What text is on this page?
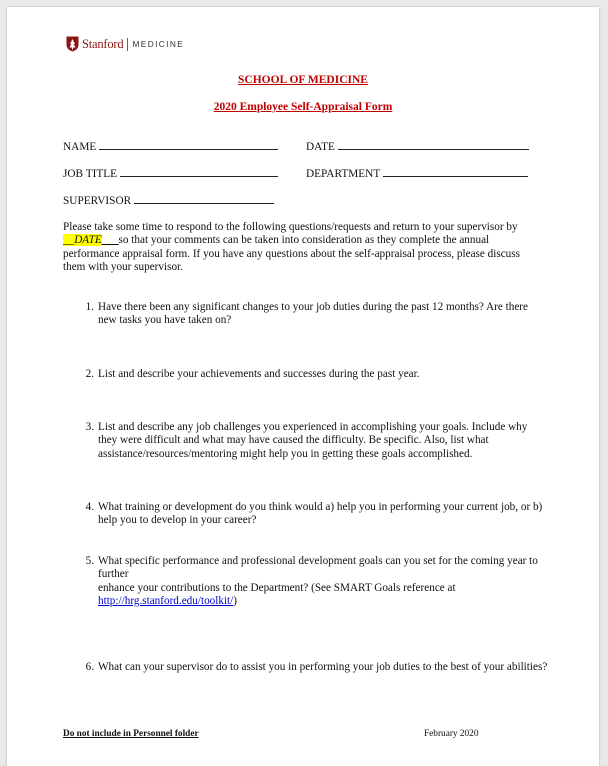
Stanford MEDICINE
SCHOOL OF MEDICINE
2020 Employee Self-Appraisal Form
NAME	DATE
JOB TITLE	DEPARTMENT
SUPERVISOR
Please take some time to respond to the following questions/requests and return to your supervisor by __DATE___so that your comments can be taken into consideration as they complete the annual performance appraisal form. If you have any questions about the self-appraisal process, please discuss them with your supervisor.
1. Have there been any significant changes to your job duties during the past 12 months? Are there new tasks you have taken on?
2. List and describe your achievements and successes during the past year.
3. List and describe any job challenges you experienced in accomplishing your goals. Include why they were difficult and what may have caused the difficulty. Be specific. Also, list what assistance/resources/mentoring might help you in getting these goals accomplished.
4. What training or development do you think would a) help you in performing your current job, or b) help you to develop in your career?
5. What specific performance and professional development goals can you set for the coming year to further
enhance your contributions to the Department? (See SMART Goals reference at
http://hrg.stanford.edu/toolkit/)
6. What can your supervisor do to assist you in performing your job duties to the best of your abilities?
Do not include in Personnel folder	February 2020
